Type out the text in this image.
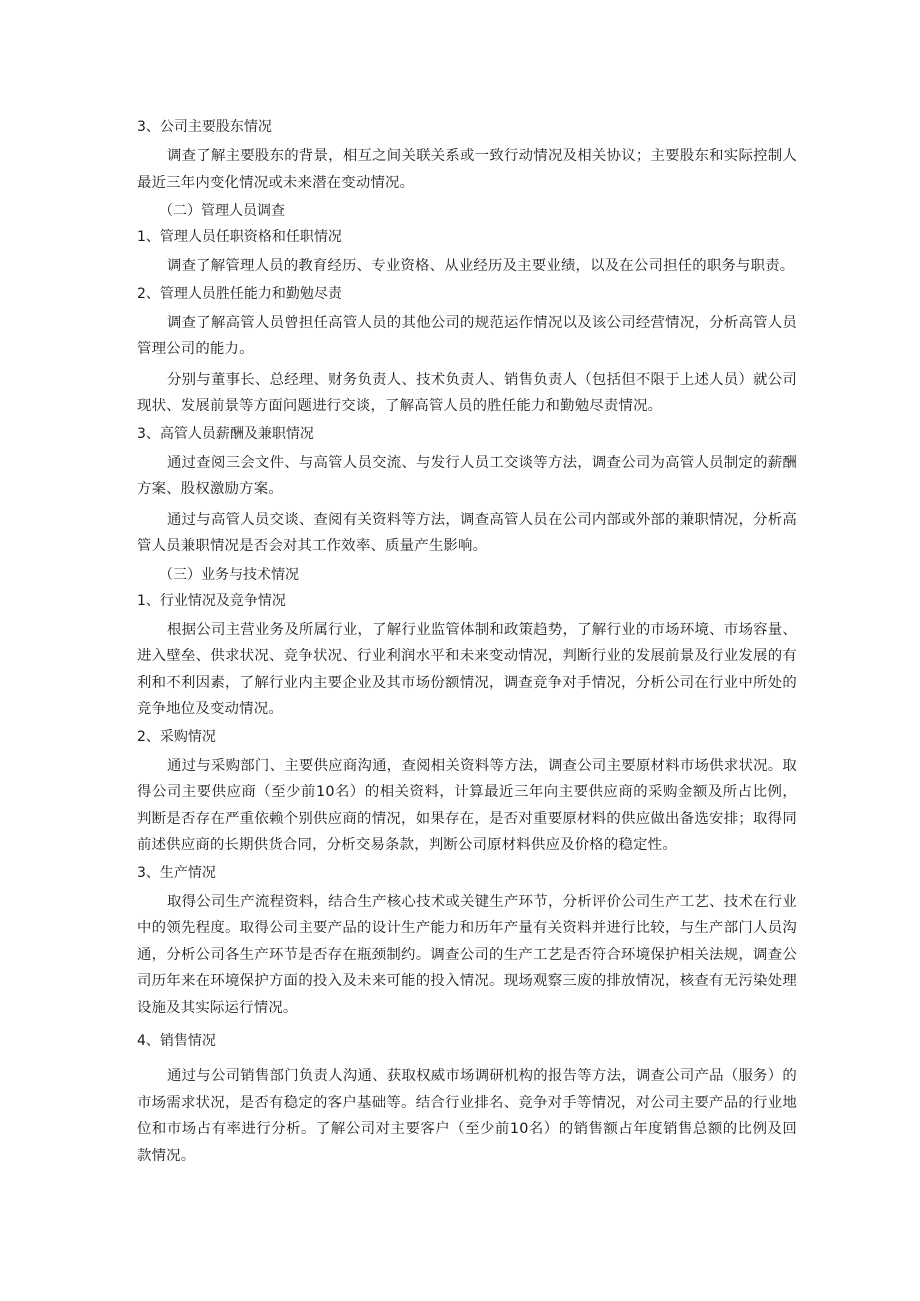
3、公司主要股东情况

调查了解主要股东的背景，相互之间关联关系或一致行动情况及相关协议；主要股东和实际控制人最近三年内变化情况或未来潜在变动情况。

（二）管理人员调查

1、管理人员任职资格和任职情况

调查了解管理人员的教育经历、专业资格、从业经历及主要业绩，以及在公司担任的职务与职责。

2、管理人员胜任能力和勤勉尽责

调查了解高管人员曾担任高管人员的其他公司的规范运作情况以及该公司经营情况，分析高管人员管理公司的能力。

分别与董事长、总经理、财务负责人、技术负责人、销售负责人（包括但不限于上述人员）就公司现状、发展前景等方面问题进行交谈，了解高管人员的胜任能力和勤勉尽责情况。

3、高管人员薪酬及兼职情况

通过查阅三会文件、与高管人员交流、与发行人员工交谈等方法，调查公司为高管人员制定的薪酬方案、股权激励方案。

通过与高管人员交谈、查阅有关资料等方法，调查高管人员在公司内部或外部的兼职情况，分析高管人员兼职情况是否会对其工作效率、质量产生影响。

（三）业务与技术情况

1、行业情况及竞争情况

根据公司主营业务及所属行业，了解行业监管体制和政策趋势，了解行业的市场环境、市场容量、进入壁垒、供求状况、竞争状况、行业利润水平和未来变动情况，判断行业的发展前景及行业发展的有利和不利因素，了解行业内主要企业及其市场份额情况，调查竞争对手情况，分析公司在行业中所处的竞争地位及变动情况。

2、采购情况

通过与采购部门、主要供应商沟通，查阅相关资料等方法，调查公司主要原材料市场供求状况。取得公司主要供应商（至少前10名）的相关资料，计算最近三年向主要供应商的采购金额及所占比例，判断是否存在严重依赖个别供应商的情况，如果存在，是否对重要原材料的供应做出备选安排；取得同前述供应商的长期供货合同，分析交易条款，判断公司原材料供应及价格的稳定性。

3、生产情况

取得公司生产流程资料，结合生产核心技术或关键生产环节，分析评价公司生产工艺、技术在行业中的领先程度。取得公司主要产品的设计生产能力和历年产量有关资料并进行比较，与生产部门人员沟通，分析公司各生产环节是否存在瓶颈制约。调查公司的生产工艺是否符合环境保护相关法规，调查公司历年来在环境保护方面的投入及未来可能的投入情况。现场观察三废的排放情况，核查有无污染处理设施及其实际运行情况。

4、销售情况

通过与公司销售部门负责人沟通、获取权威市场调研机构的报告等方法，调查公司产品（服务）的市场需求状况，是否有稳定的客户基础等。结合行业排名、竞争对手等情况，对公司主要产品的行业地位和市场占有率进行分析。了解公司对主要客户（至少前10名）的销售额占年度销售总额的比例及回款情况。
